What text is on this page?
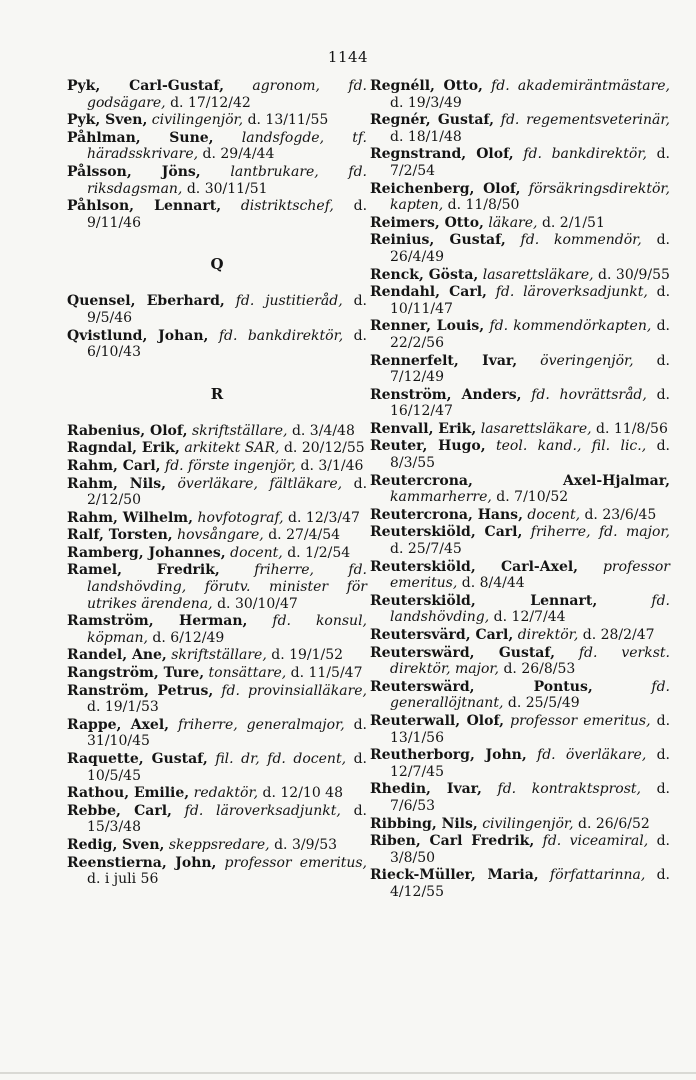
1144

Pyk, Carl-Gustaf, agronom, fd. godsägare, d. 17/12/42

Pyk, Sven, civilingenjör, d. 13/11/55

Påhlman, Sune, landsfogde, tf. häradsskrivare, d. 29/4/44

Pålsson, Jöns, lantbrukare, fd. riksdagsman, d. 30/11/51

Påhlson, Lennart, distriktschef, d. 9/11/46

Q

Quensel, Eberhard, fd. justitieråd, d. 9/5/46

Qvistlund, Johan, fd. bankdirektör, d. 6/10/43

R

Rabenius, Olof, skriftställare, d. 3/4/48

Ragndal, Erik, arkitekt SAR, d. 20/12/55

Rahm, Carl, fd. förste ingenjör, d. 3/1/46

Rahm, Nils, överläkare, fältläkare, d. 2/12/50

Rahm, Wilhelm, hovfotograf, d. 12/3/47

Ralf, Torsten, hovsångare, d. 27/4/54

Ramberg, Johannes, docent, d. 1/2/54

Ramel, Fredrik, friherre, fd. landshövding, förutv. minister för utrikes ärendena, d. 30/10/47

Ramström, Herman, fd. konsul, köpman, d. 6/12/49

Randel, Ane, skriftställare, d. 19/1/52

Rangström, Ture, tonsättare, d. 11/5/47

Ranström, Petrus, fd. provinsialläkare, d. 19/1/53

Rappe, Axel, friherre, generalmajor, d. 31/10/45

Raquette, Gustaf, fil. dr, fd. docent, d. 10/5/45

Rathou, Emilie, redaktör, d. 12/10 48

Rebbe, Carl, fd. läroverksadjunkt, d. 15/3/48

Redig, Sven, skeppsredare, d. 3/9/53

Reenstierna, John, professor emeritus, d. i juli 56

Regnéll, Otto, fd. akademiräntmästare, d. 19/3/49

Regnér, Gustaf, fd. regementsveterinär, d. 18/1/48

Regnstrand, Olof, fd. bankdirektör, d. 7/2/54

Reichenberg, Olof, försäkringsdirektör, kapten, d. 11/8/50

Reimers, Otto, läkare, d. 2/1/51

Reinius, Gustaf, fd. kommendör, d. 26/4/49

Renck, Gösta, lasarettsläkare, d. 30/9/55

Rendahl, Carl, fd. läroverksadjunkt, d. 10/11/47

Renner, Louis, fd. kommendörkapten, d. 22/2/56

Rennerfelt, Ivar, överingenjör, d. 7/12/49

Renström, Anders, fd. hovrättsråd, d. 16/12/47

Renvall, Erik, lasarettsläkare, d. 11/8/56

Reuter, Hugo, teol. kand., fil. lic., d. 8/3/55

Reutercrona, Axel-Hjalmar, kammarherre, d. 7/10/52

Reutercrona, Hans, docent, d. 23/6/45

Reuterskiöld, Carl, friherre, fd. major, d. 25/7/45

Reuterskiöld, Carl-Axel, professor emeritus, d. 8/4/44

Reuterskiöld, Lennart,	fd. landshövding, d. 12/7/44

Reutersvärd, Carl, direktör, d. 28/2/47

Reuterswärd, Gustaf, fd. verkst. direktör, major, d. 26/8/53

Reuterswärd, Pontus,	fd. generallöjtnant, d. 25/5/49

Reuterwall, Olof, professor emeritus, d. 13/1/56

Reutherborg, John, fd. överläkare, d. 12/7/45

Rhedin, Ivar, fd. kontraktsprost, d. 7/6/53

Ribbing, Nils, civilingenjör, d. 26/6/52

Riben, Carl Fredrik, fd. viceamiral, d. 3/8/50

Rieck-Müller, Maria, författarinna, d. 4/12/55
